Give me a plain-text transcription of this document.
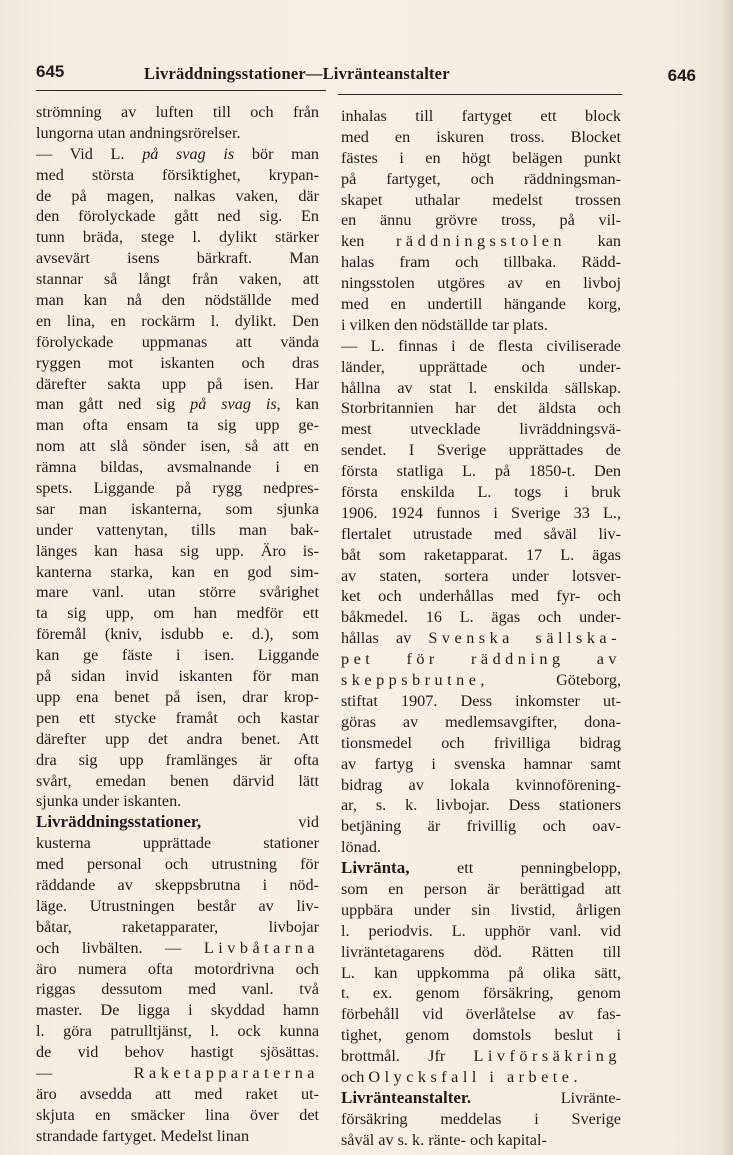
645	Livräddningsstationer—Livränteanstalter	646
strömning av luften till och från
lungorna utan andningsrörelser.
— Vid L. på svag is bör man
med största försiktighet, krypan-
de på magen, nalkas vaken, där
den förolyckade gått ned sig. En
tunn bräda, stege l. dylikt stärker
avsevärt isens bärkraft. Man
stannar så långt från vaken, att
man kan nå den nödställde med
en lina, en rockärm l. dylikt. Den
förolyckade uppmanas att vända
ryggen mot iskanten och dras
därefter sakta upp på isen. Har
man gått ned sig på svag is, kan
man ofta ensam ta sig upp ge-
nom att slå sönder isen, så att en
rämna bildas, avsmalnande i en
spets. Liggande på rygg nedpres-
sar man iskanterna, som sjunka
under vattenytan, tills man bak-
länges kan hasa sig upp. Äro is-
kanterna starka, kan en god sim-
mare vanl. utan större svårighet
ta sig upp, om han medför ett
föremål (kniv, isdubb e. d.), som
kan ge fäste i isen. Liggande
på sidan invid iskanten för man
upp ena benet på isen, drar krop-
pen ett stycke framåt och kastar
därefter upp det andra benet. Att
dra sig upp framlänges är ofta
svårt, emedan benen därvid lätt
sjunka under iskanten.
Livräddningsstationer, vid
kusterna upprättade stationer
med personal och utrustning för
räddande av skeppsbrutna i nöd-
läge. Utrustningen består av liv-
båtar, raketapparater, livbojar
och livbälten. — Livbåtarna
äro numera ofta motordrivna och
riggas dessutom med vanl. två
master. De ligga i skyddad hamn
l. göra patrulltjänst, l. ock kunna
de vid behov hastigt sjösättas.
— Raketapparaterna
äro avsedda att med raket ut-
skjuta en smäcker lina över det
strandade fartyget. Medelst linan
inhalas till fartyget ett block
med en iskuren tross. Blocket
fästes i en högt belägen punkt
på fartyget, och räddningsman-
skapet uthalar medelst trossen
en ännu grövre tross, på vil-
ken räddningsstolen kan
halas fram och tillbaka. Rädd-
ningsstolen utgöres av en livboj
med en undertill hängande korg,
i vilken den nödställde tar plats.
— L. finnas i de flesta civiliserade
länder, upprättade och under-
hållna av stat l. enskilda sällskap.
Storbritannien har det äldsta och
mest utvecklade livräddningsvä-
sendet. I Sverige upprättades de
första statliga L. på 1850-t. Den
första enskilda L. togs i bruk
1906. 1924 funnos i Sverige 33 L.,
flertalet utrustade med såväl liv-
båt som raketapparat. 17 L. ägas
av staten, sortera under lotsver-
ket och underhållas med fyr- och
båkmedel. 16 L. ägas och under-
hållas av Svenska sällska-
pet för räddning av
skeppsbrutne, Göteborg,
stiftat 1907. Dess inkomster ut-
göras av medlemsavgifter, dona-
tionsmedel och frivilliga bidrag
av fartyg i svenska hamnar samt
bidrag av lokala kvinnoförening-
ar, s. k. livbojar. Dess stationers
betjäning är frivillig och oav-
lönad.
Livränta, ett penningbelopp,
som en person är berättigad att
uppbära under sin livstid, årligen
l. periodvis. L. upphör vanl. vid
livräntetagarens död. Rätten till
L. kan uppkomma på olika sätt,
t. ex. genom försäkring, genom
förbehåll vid överlåtelse av fas-
tighet, genom domstols beslut i
brottmål. Jfr Livförsäkring
och Olycksfall i arbete.
Livränteanstalter. Livränte-
försäkring meddelas i Sverige
såväl av s. k. ränte- och kapital-
